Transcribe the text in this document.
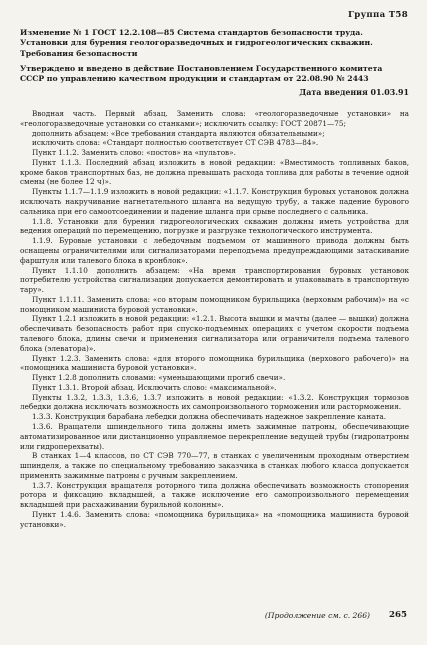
Группа Т58
Изменение № 1 ГОСТ 12.2.108—85 Система стандартов безопасности труда. Установки для бурения геологоразведочных и гидрогеологических скважин. Требования безопасности
Утверждено и введено в действие Постановлением Государственного комитета СССР по управлению качеством продукции и стандартам от 22.08.90 № 2443
Дата введения 01.03.91

Вводная часть. Первый абзац. Заменить слова: «геологоразведочные установки» на «геологоразведочные установки со станками»; исключить ссылку: ГОСТ 20871—75;

дополнить абзацем: «Все требования стандарта являются обязательными»;

исключить слова: «Стандарт полностью соответствует СТ СЭВ 4783—84».

Пункт 1.1.2. Заменить слово: «постов» на «пультов».

Пункт 1.1.3. Последний абзац изложить в новой редакции: «Вместимость топливных баков, кроме баков транспортных баз, не должна превышать расхода топлива для работы в течение одной смены (не более 12 ч)».

Пункты 1.1.7—1.1.9 изложить в новой редакции: «1.1.7. Конструкция буровых установок должна исключать накручивание нагнетательного шланга на ведущую трубу, а также падение бурового сальника при его самоотсоединении и падение шланга при срыве последнего с сальника.

1.1.8. Установки для бурения гидрогеологических скважин должны иметь устройства для ведения операций по перемещению, погрузке и разгрузке технологического инструмента.

1.1.9. Буровые установки с лебедочным подъемом от машинного привода должны быть оснащены ограничителями или сигнализаторами переподъема предупреждающими затаскивание фарштуля или талевого блока в кронблок».

Пункт 1.1.10 дополнить абзацем: «На время транспортирования буровых установок потребителю устройства сигнализации допускается демонтировать и упаковывать в транспортную тару».

Пункт 1.1.11. Заменить слова: «со вторым помощником бурильщика (верховым рабочим)» на «с помощником машиниста буровой установки».

Пункт 1.2.1 изложить в новой редакции: «1.2.1. Высота вышки и мачты (далее — вышки) должна обеспечивать безопасность работ при спуско-подъемных операциях с учетом скорости подъема талевого блока, длины свечи и применения сигнализатора или ограничителя подъема талевого блока (элеватора)».

Пункт 1.2.3. Заменить слова: «для второго помощника бурильщика (верхового рабочего)» на «помощника машиниста буровой установки».

Пункт 1.2.8 дополнить словами: «уменьшающими прогиб свечи».

Пункт 1.3.1. Второй абзац. Исключить слово: «максимальной».

Пункты 1.3.2, 1.3.3, 1.3.6, 1.3.7 изложить в новой редакции: «1.3.2. Конструкция тормозов лебедки должна исключать возможность их самопроизвольного торможения или расторможения.

1.3.3. Конструкция барабана лебедки должна обеспечивать надежное закрепление каната.

1.3.6. Вращатели шпиндельного типа должны иметь зажимные патроны, обеспечивающие автоматизированное или дистанционно управляемое перекрепление ведущей трубы (гидропатроны или гидроперехваты).

В станках 1—4 классов, по СТ СЭВ 770—77, в станках с увеличенным проходным отверстием шпинделя, а также по специальному требованию заказчика в станках любого класса допускается применять зажимные патроны с ручным закреплением.

1.3.7. Конструкция вращателя роторного типа должна обеспечивать возможность стопорения ротора и фиксацию вкладышей, а также исключение его самопроизвольного перемещения вкладышей при расхаживании бурильной колонны».

Пункт 1.4.6. Заменить слова: «помощника бурильщика» на «помощника машиниста буровой установки».

(Продолжение см. с. 266) 265
